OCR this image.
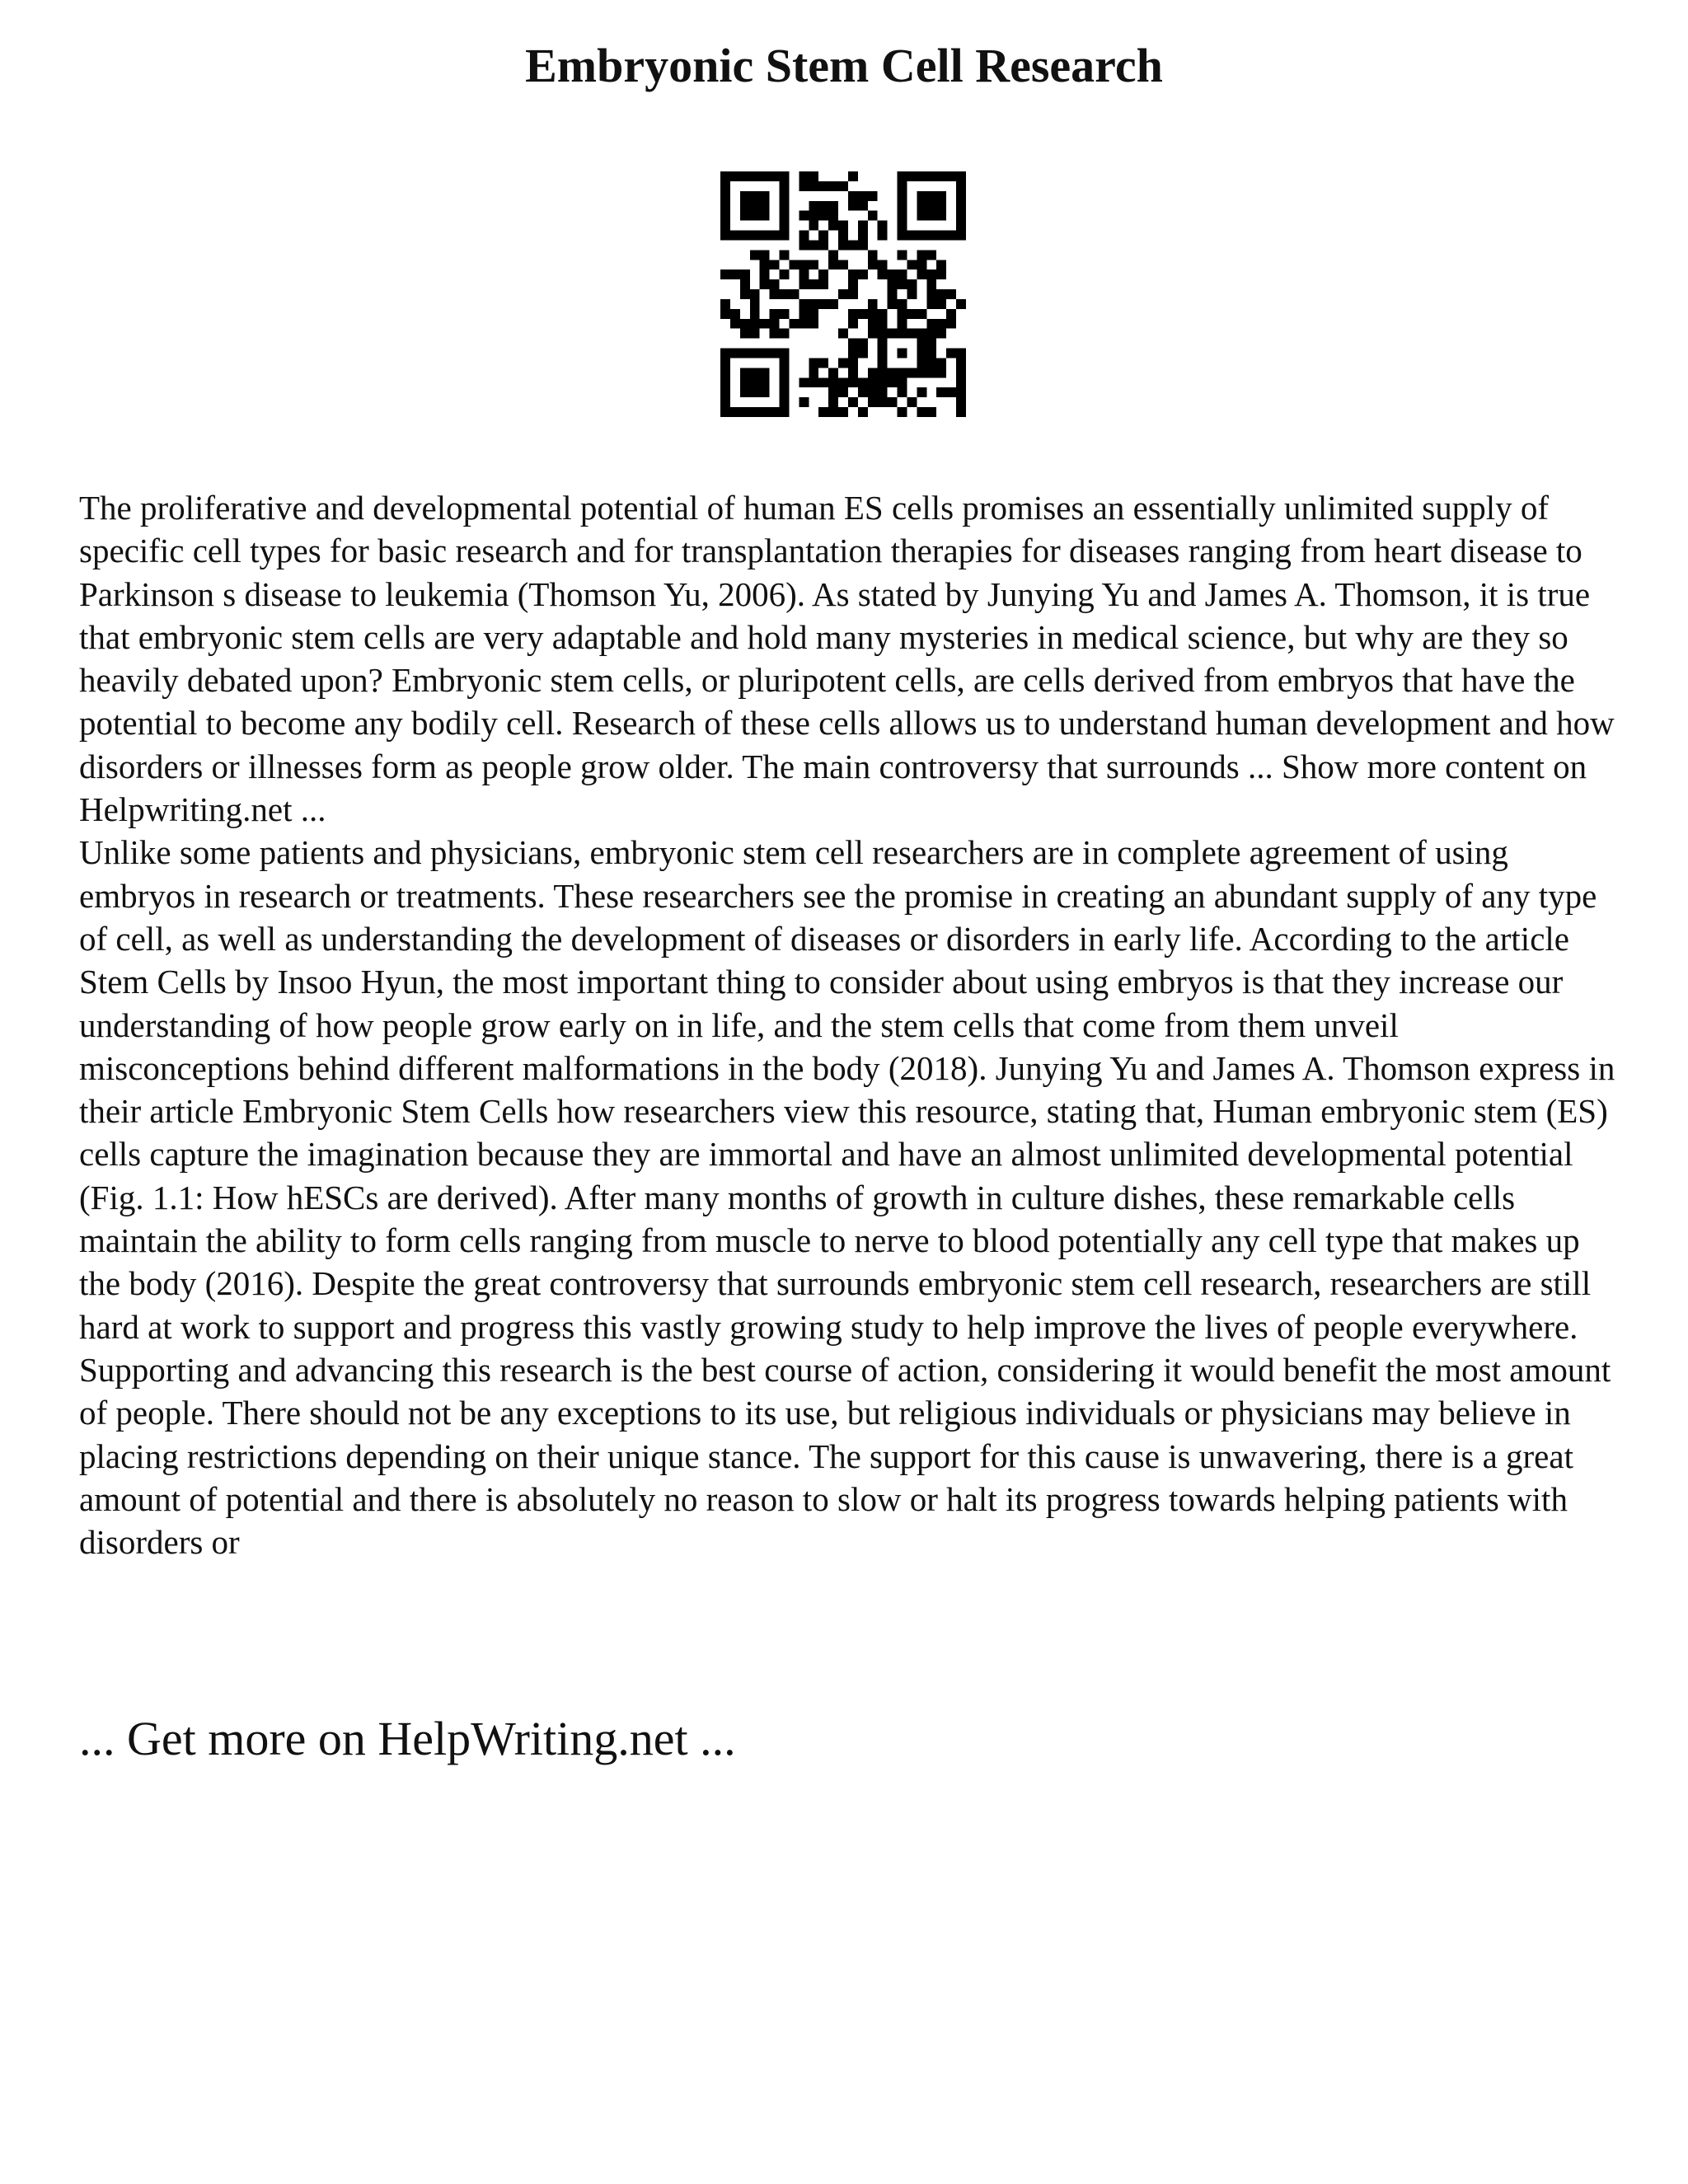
Embryonic Stem Cell Research

The proliferative and developmental potential of human ES cells promises an essentially unlimited supply of specific cell types for basic research and for transplantation therapies for diseases ranging from heart disease to Parkinson s disease to leukemia (Thomson Yu, 2006). As stated by Junying Yu and James A. Thomson, it is true that embryonic stem cells are very adaptable and hold many mysteries in medical science, but why are they so heavily debated upon? Embryonic stem cells, or pluripotent cells, are cells derived from embryos that have the potential to become any bodily cell. Research of these cells allows us to understand human development and how disorders or illnesses form as people grow older. The main controversy that surrounds ... Show more content on Helpwriting.net ...

Unlike some patients and physicians, embryonic stem cell researchers are in complete agreement of using embryos in research or treatments. These researchers see the promise in creating an abundant supply of any type of cell, as well as understanding the development of diseases or disorders in early life. According to the article Stem Cells by Insoo Hyun, the most important thing to consider about using embryos is that they increase our understanding of how people grow early on in life, and the stem cells that come from them unveil misconceptions behind different malformations in the body (2018). Junying Yu and James A. Thomson express in their article Embryonic Stem Cells how researchers view this resource, stating that, Human embryonic stem (ES) cells capture the imagination because they are immortal and have an almost unlimited developmental potential (Fig. 1.1: How hESCs are derived). After many months of growth in culture dishes, these remarkable cells maintain the ability to form cells ranging from muscle to nerve to blood potentially any cell type that makes up the body (2016). Despite the great controversy that surrounds embryonic stem cell research, researchers are still hard at work to support and progress this vastly growing study to help improve the lives of people everywhere. Supporting and advancing this research is the best course of action, considering it would benefit the most amount of people. There should not be any exceptions to its use, but religious individuals or physicians may believe in placing restrictions depending on their unique stance. The support for this cause is unwavering, there is a great amount of potential and there is absolutely no reason to slow or halt its progress towards helping patients with disorders or

... Get more on HelpWriting.net ...
